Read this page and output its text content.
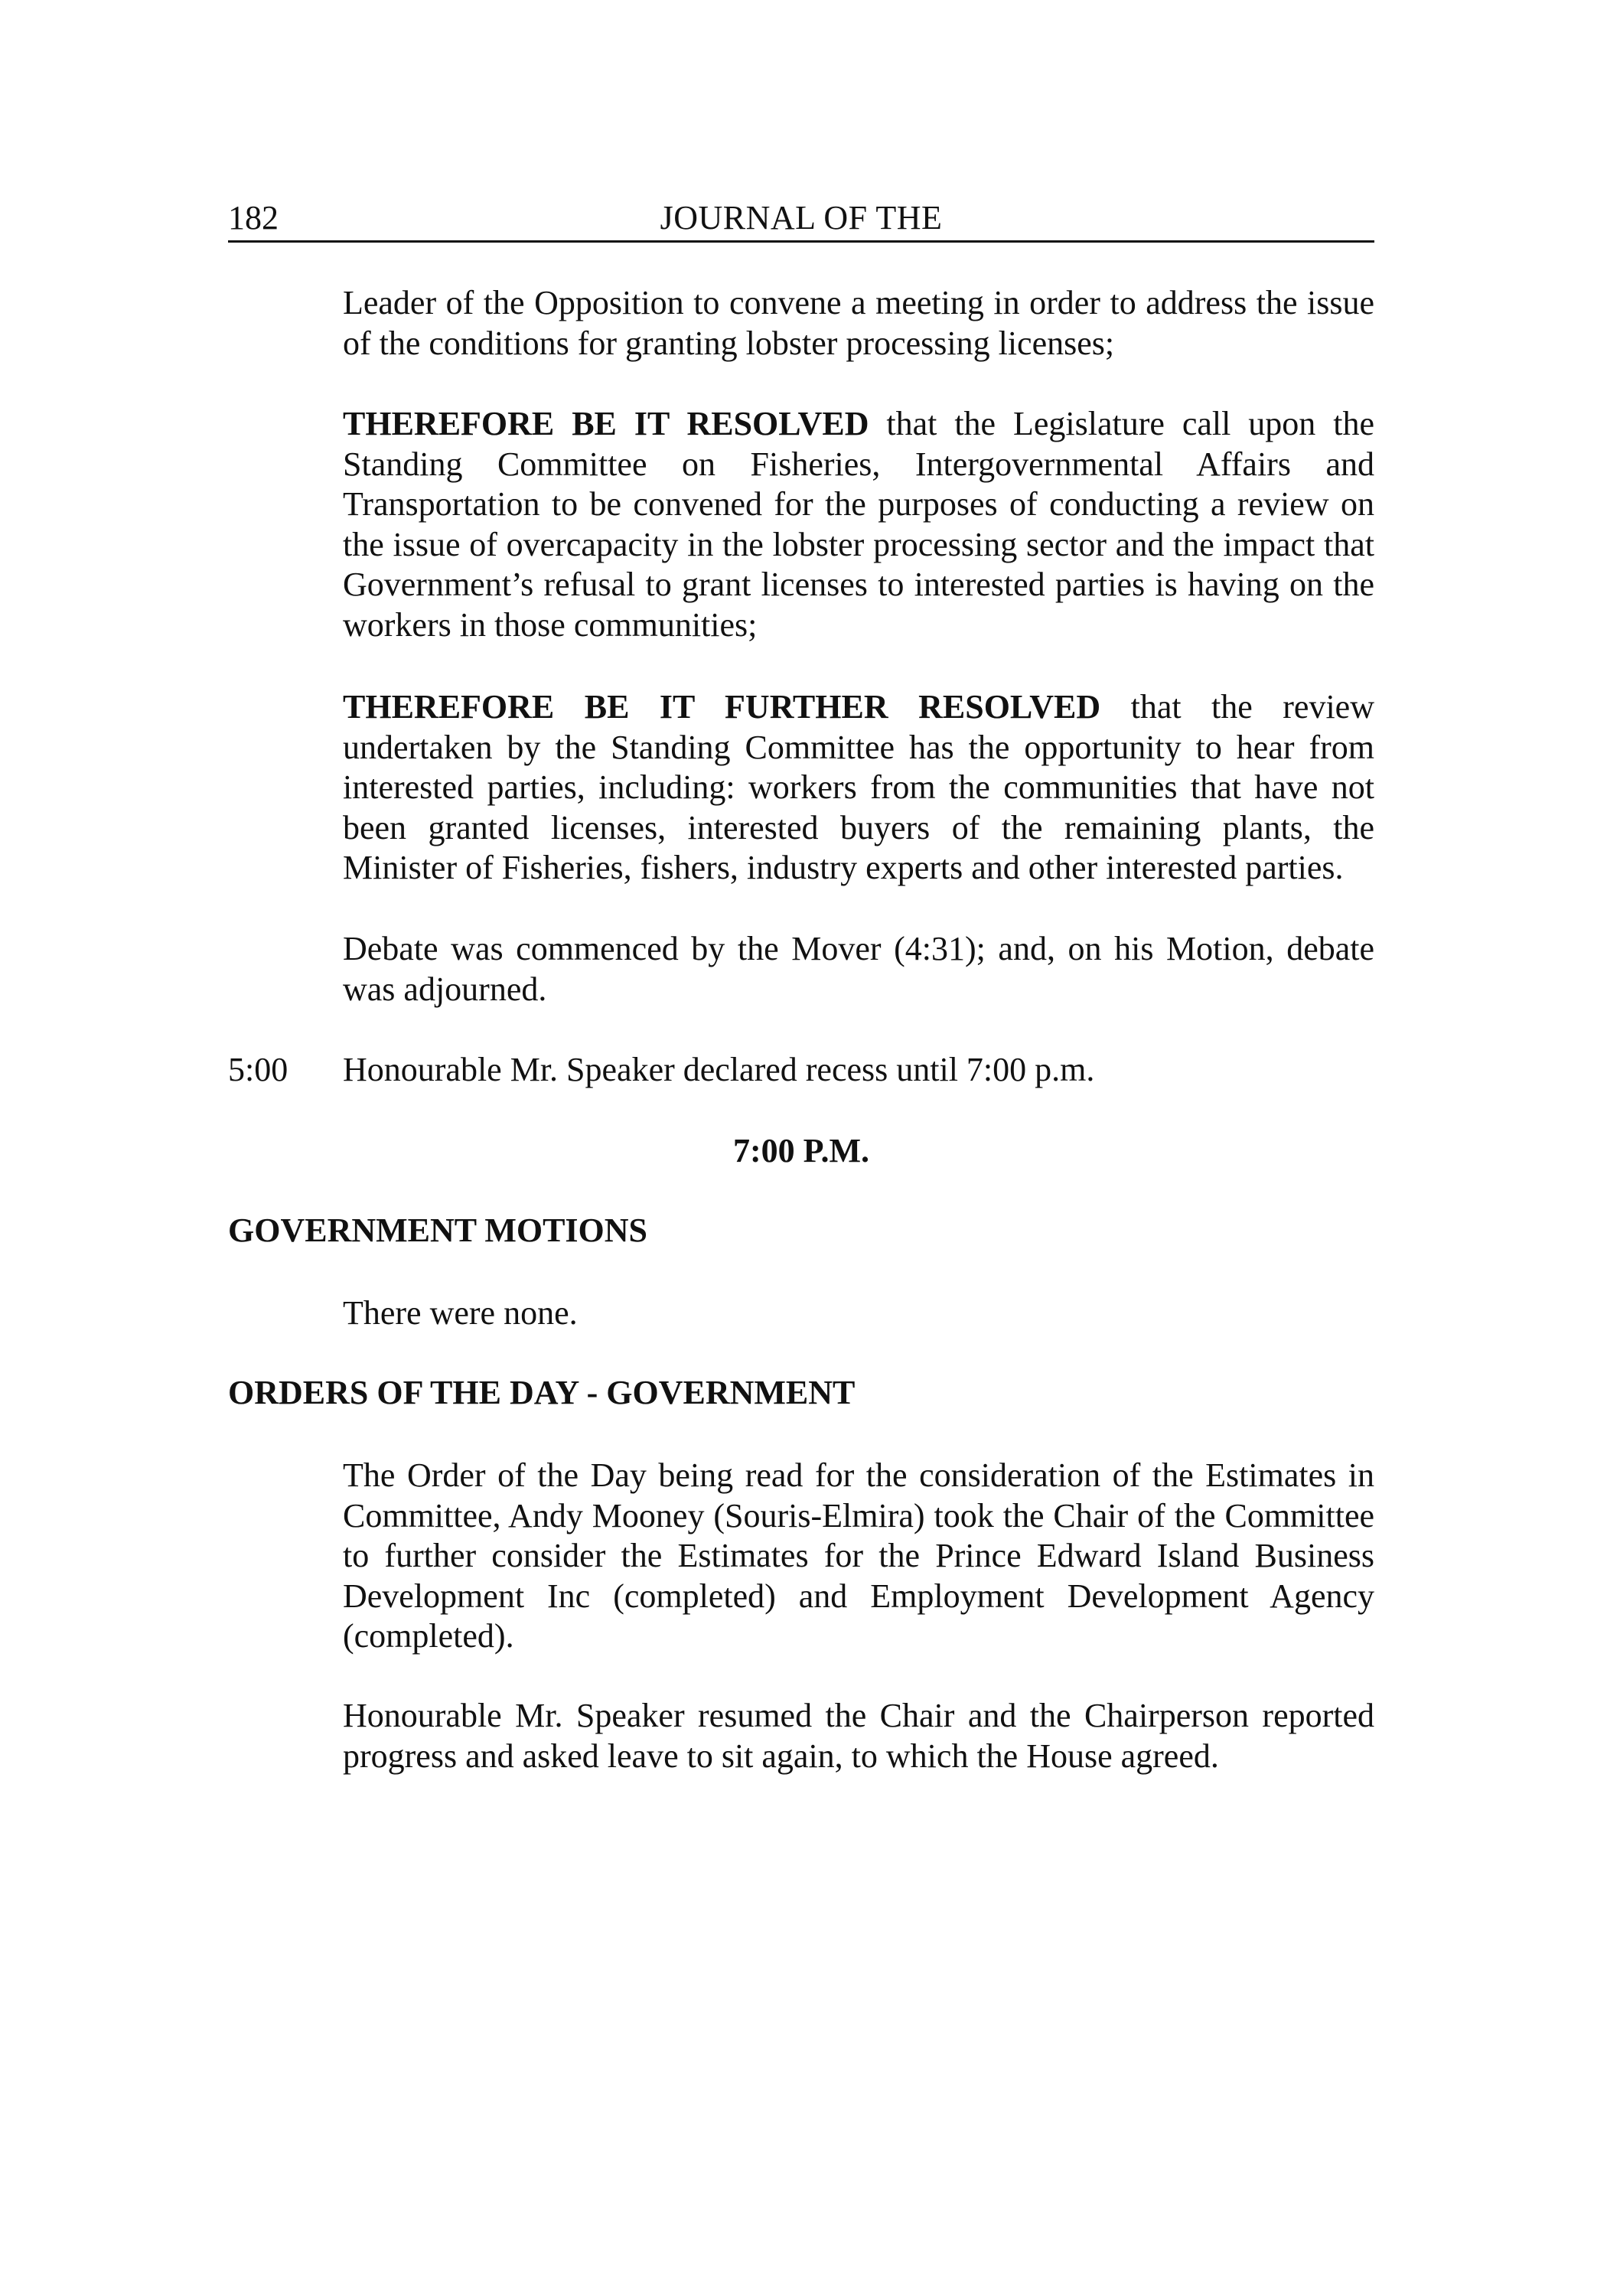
182	JOURNAL OF THE

Leader of the Opposition to convene a meeting in order to address the issue of the conditions for granting lobster processing licenses;

THEREFORE BE IT RESOLVED that the Legislature call upon the Standing Committee on Fisheries, Intergovernmental Affairs and Transportation to be convened for the purposes of conducting a review on the issue of overcapacity in the lobster processing sector and the impact that Government’s refusal to grant licenses to interested parties is having on the workers in those communities;

THEREFORE BE IT FURTHER RESOLVED that the review undertaken by the Standing Committee has the opportunity to hear from interested parties, including: workers from the communities that have not been granted licenses, interested buyers of the remaining plants, the Minister of Fisheries, fishers, industry experts and other interested parties.

Debate was commenced by the Mover (4:31); and, on his Motion, debate was adjourned.

5:00 Honourable Mr. Speaker declared recess until 7:00 p.m.
7:00 P.M.
GOVERNMENT MOTIONS

There were none.

ORDERS OF THE DAY - GOVERNMENT

The Order of the Day being read for the consideration of the Estimates in Committee, Andy Mooney (Souris-Elmira) took the Chair of the Committee to further consider the Estimates for the Prince Edward Island Business Development Inc (completed) and Employment Development Agency (completed).

Honourable Mr. Speaker resumed the Chair and the Chairperson reported progress and asked leave to sit again, to which the House agreed.
